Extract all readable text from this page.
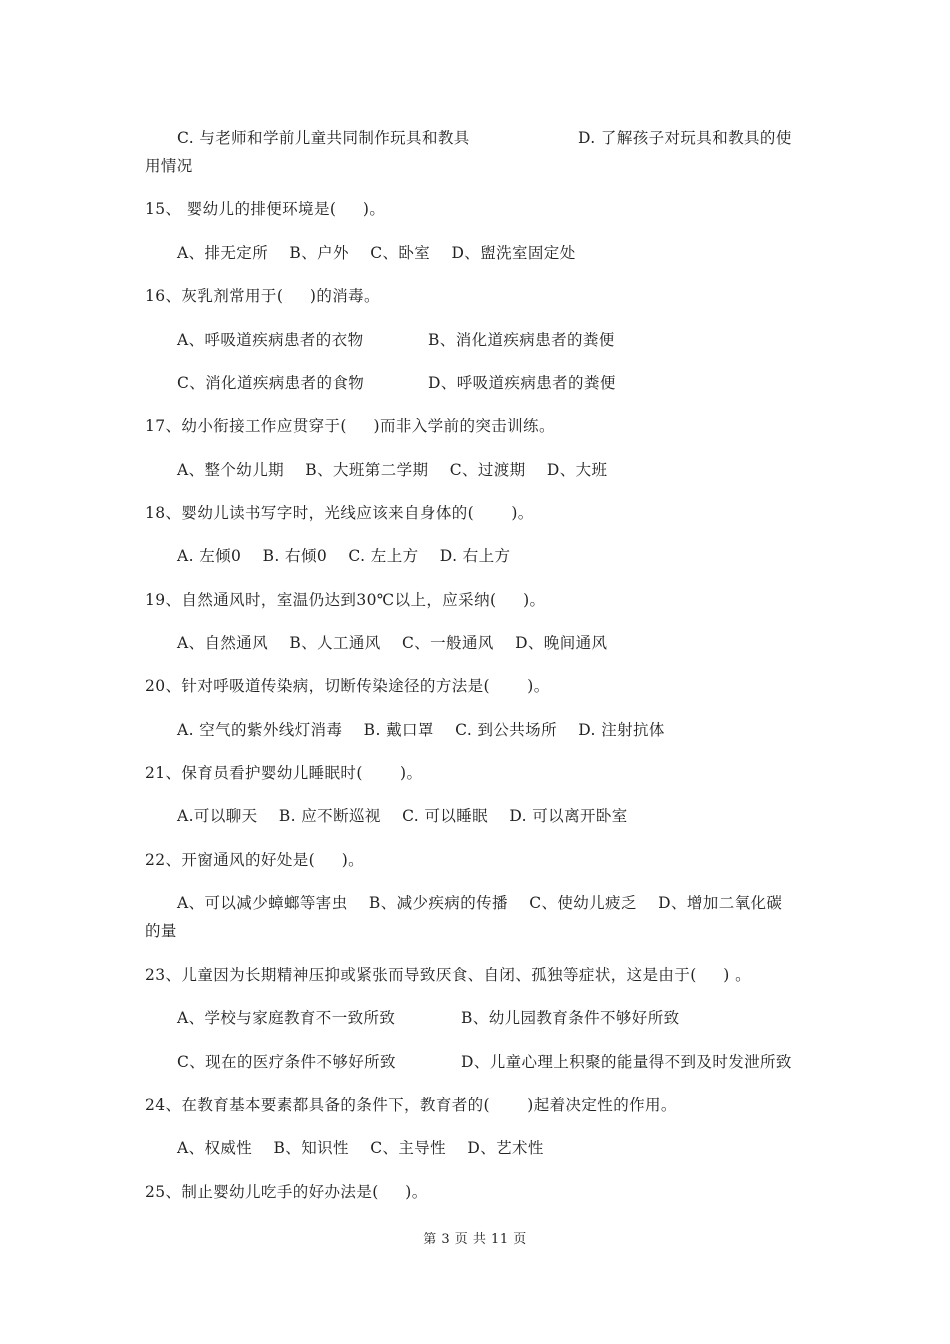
C. 与老师和学前儿童共同制作玩具和教具	D. 了解孩子对玩具和教具的使
用情况
15、 婴幼儿的排便环境是(     )。
A、排无定所    B、户外    C、卧室    D、盥洗室固定处
16、灰乳剂常用于(     )的消毒。
A、呼吸道疾病患者的衣物	B、消化道疾病患者的粪便
C、消化道疾病患者的食物	D、呼吸道疾病患者的粪便
17、幼小衔接工作应贯穿于(     )而非入学前的突击训练。
A、整个幼儿期    B、大班第二学期    C、过渡期    D、大班
18、婴幼儿读书写字时，光线应该来自身体的(       )。
A. 左倾0    B. 右倾0    C. 左上方    D. 右上方
19、自然通风时，室温仍达到30℃以上，应采纳(     )。
A、自然通风    B、人工通风    C、一般通风    D、晚间通风
20、针对呼吸道传染病，切断传染途径的方法是(       )。
A. 空气的紫外线灯消毒    B. 戴口罩    C. 到公共场所    D. 注射抗体
21、保育员看护婴幼儿睡眠时(       )。
A.可以聊天    B. 应不断巡视    C. 可以睡眠    D. 可以离开卧室
22、开窗通风的好处是(     )。
A、可以减少蟑螂等害虫    B、减少疾病的传播    C、使幼儿疲乏    D、增加二氧化碳
的量
23、儿童因为长期精神压抑或紧张而导致厌食、自闭、孤独等症状，这是由于(     ) 。
A、学校与家庭教育不一致所致	B、幼儿园教育条件不够好所致
C、现在的医疗条件不够好所致	D、儿童心理上积聚的能量得不到及时发泄所致
24、在教育基本要素都具备的条件下，教育者的(       )起着决定性的作用。
A、权威性    B、知识性    C、主导性    D、艺术性
25、制止婴幼儿吃手的好办法是(     )。
第 3 页 共 11 页
